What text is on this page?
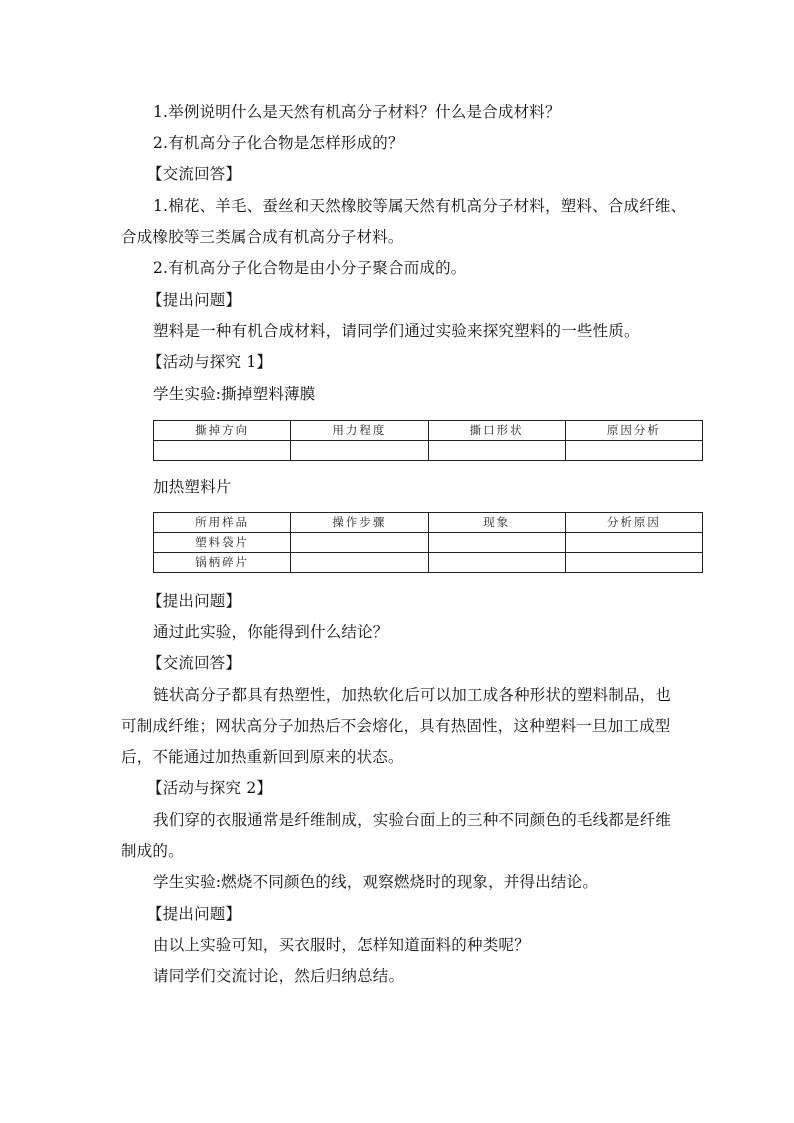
1.举例说明什么是天然有机高分子材料？什么是合成材料？
2.有机高分子化合物是怎样形成的？
【交流回答】
1.棉花、羊毛、蚕丝和天然橡胶等属天然有机高分子材料，塑料、合成纤维、
合成橡胶等三类属合成有机高分子材料。
2.有机高分子化合物是由小分子聚合而成的。
【提出问题】
塑料是一种有机合成材料，请同学们通过实验来探究塑料的一些性质。
【活动与探究 1】
学生实验:撕掉塑料薄膜
撕掉方向	用力程度	撕口形状	原因分析

加热塑料片
所用样品	操作步骤	现象	分析原因
塑料袋片			
锅柄碎片			
【提出问题】
通过此实验，你能得到什么结论？
【交流回答】
链状高分子都具有热塑性，加热软化后可以加工成各种形状的塑料制品，也
可制成纤维；网状高分子加热后不会熔化，具有热固性，这种塑料一旦加工成型
后，不能通过加热重新回到原来的状态。
【活动与探究 2】
我们穿的衣服通常是纤维制成，实验台面上的三种不同颜色的毛线都是纤维
制成的。
学生实验:燃烧不同颜色的线，观察燃烧时的现象，并得出结论。
【提出问题】
由以上实验可知，买衣服时，怎样知道面料的种类呢？
请同学们交流讨论，然后归纳总结。
